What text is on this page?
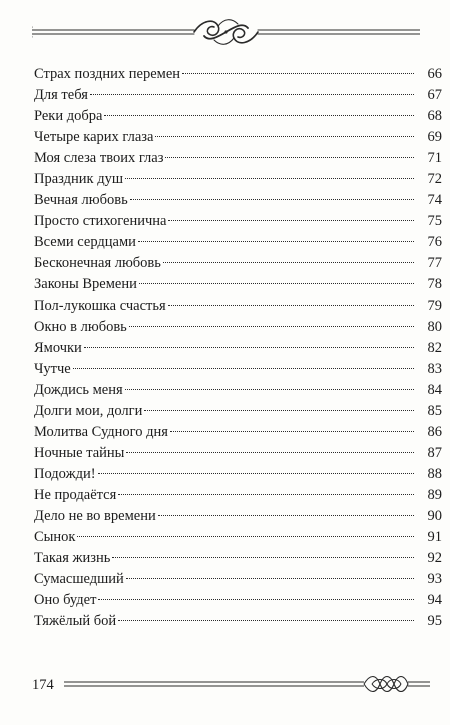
Страх поздних перемен	66
Для тебя	67
Реки добра	68
Четыре карих глаза	69
Моя слеза твоих глаз	71
Праздник душ	72
Вечная любовь	74
Просто стихогенична	75
Всеми сердцами	76
Бесконечная любовь	77
Законы Времени	78
Пол-лукошка счастья	79
Окно в любовь	80
Ямочки	82
Чутче	83
Дождись меня	84
Долги мои, долги	85
Молитва Судного дня	86
Ночные тайны	87
Подожди!	88
Не продаётся	89
Дело не во времени	90
Сынок	91
Такая жизнь	92
Сумасшедший	93
Оно будет	94
Тяжёлый бой	95
174
